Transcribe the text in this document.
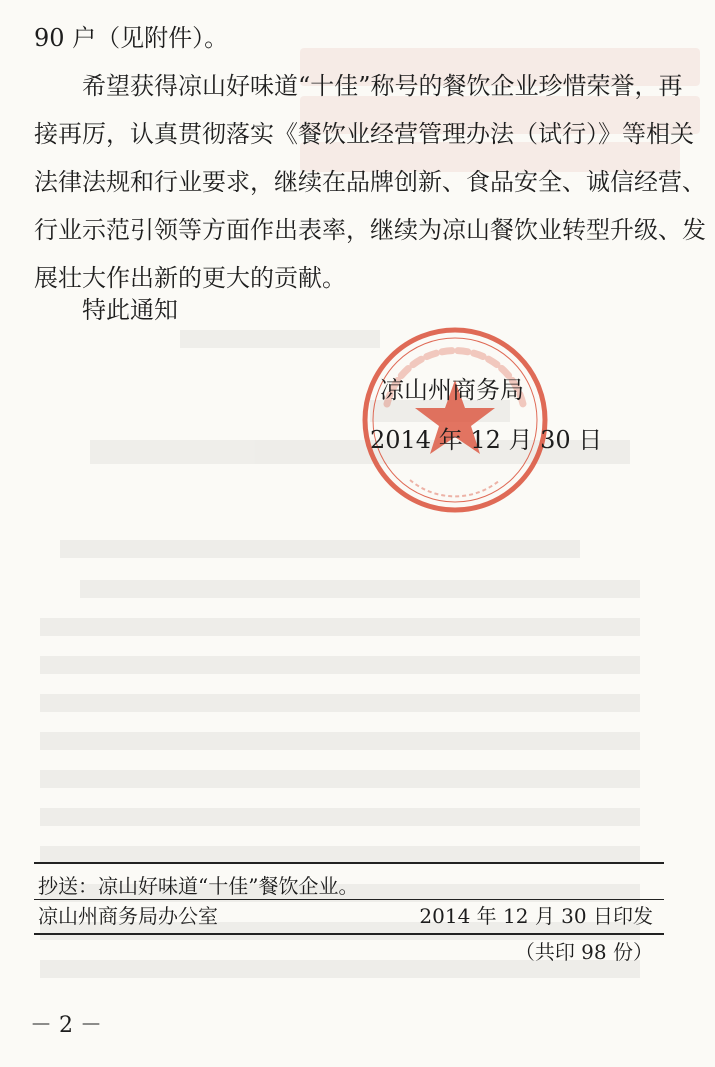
90 户（见附件）。
希望获得凉山好味道“十佳”称号的餐饮企业珍惜荣誉，再
接再厉，认真贯彻落实《餐饮业经营管理办法（试行）》等相关
法律法规和行业要求，继续在品牌创新、食品安全、诚信经营、
行业示范引领等方面作出表率，继续为凉山餐饮业转型升级、发
展壮大作出新的更大的贡献。
特此通知
凉山州商务局
2014 年 12 月 30 日
抄送：凉山好味道“十佳”餐饮企业。
凉山州商务局办公室	2014 年 12 月 30 日印发
（共印 98 份）
－ 2 －
